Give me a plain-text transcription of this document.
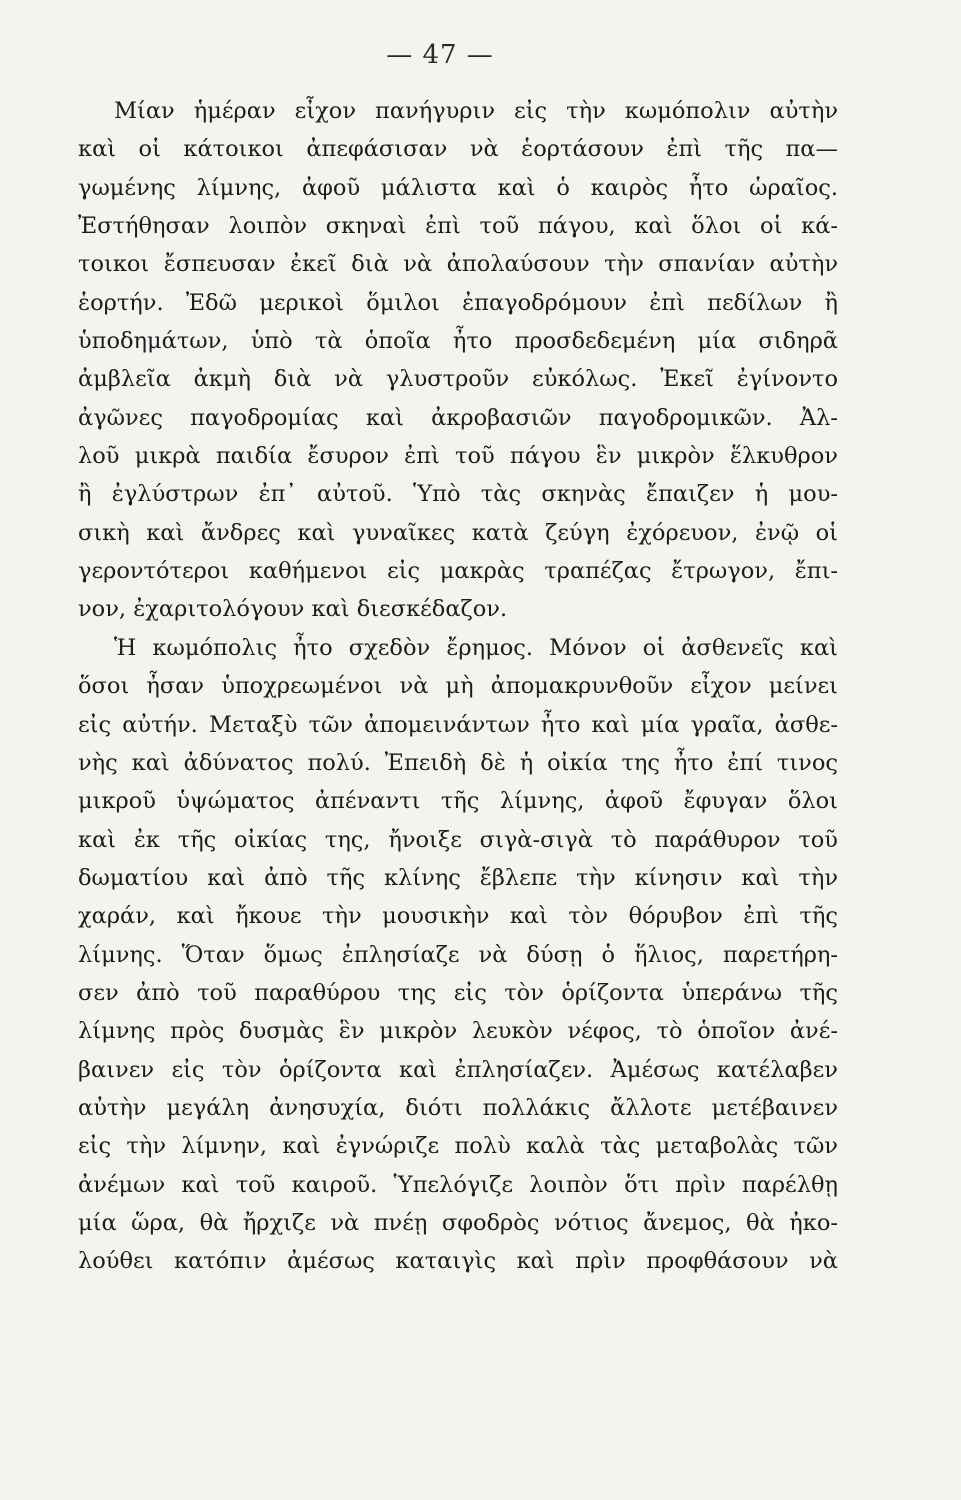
— 47 —
Μίαν ἡμέραν εἶχον πανήγυριν εἰς τὴν κωμόπολιν αὐτὴν
καὶ οἱ κάτοικοι ἀπεφάσισαν νὰ ἑορτάσουν ἐπὶ τῆς πα—
γωμένης λίμνης, ἀφοῦ μάλιστα καὶ ὁ καιρὸς ἦτο ὡραῖος.
Ἐστήθησαν λοιπὸν σκηναὶ ἐπὶ τοῦ πάγου, καὶ ὅλοι οἱ κά-
τοικοι ἔσπευσαν ἐκεῖ διὰ νὰ ἀπολαύσουν τὴν σπανίαν αὐτὴν
ἑορτήν. Ἐδῶ μερικοὶ ὅμιλοι ἐπαγοδρόμουν ἐπὶ πεδίλων ἢ
ὑποδημάτων, ὑπὸ τὰ ὁποῖα ἦτο προσδεδεμένη μία σιδηρᾶ
ἀμβλεῖα ἀκμὴ διὰ νὰ γλυστροῦν εὐκόλως. Ἐκεῖ ἐγίνοντο
ἀγῶνες παγοδρομίας καὶ ἀκροβασιῶν παγοδρομικῶν. Ἀλ-
λοῦ μικρὰ παιδία ἔσυρον ἐπὶ τοῦ πάγου ἓν μικρὸν ἕλκυθρον
ἢ ἐγλύστρων ἐπ᾽ αὐτοῦ. Ὑπὸ τὰς σκηνὰς ἔπαιζεν ἡ μου-
σικὴ καὶ ἄνδρες καὶ γυναῖκες κατὰ ζεύγη ἐχόρευον, ἐνῷ οἱ
γεροντότεροι καθήμενοι εἰς μακρὰς τραπέζας ἔτρωγον, ἔπι-
νον, ἐχαριτολόγουν καὶ διεσκέδαζον.
Ἡ κωμόπολις ἦτο σχεδὸν ἔρημος. Μόνον οἱ ἀσθενεῖς καὶ
ὅσοι ἦσαν ὑποχρεωμένοι νὰ μὴ ἀπομακρυνθοῦν εἶχον μείνει
εἰς αὐτήν. Μεταξὺ τῶν ἀπομεινάντων ἦτο καὶ μία γραῖα, ἀσθε-
νὴς καὶ ἀδύνατος πολύ. Ἐπειδὴ δὲ ἡ οἰκία της ἦτο ἐπί τινος
μικροῦ ὑψώματος ἀπέναντι τῆς λίμνης, ἀφοῦ ἔφυγαν ὅλοι
καὶ ἐκ τῆς οἰκίας της, ἤνοιξε σιγὰ-σιγὰ τὸ παράθυρον τοῦ
δωματίου καὶ ἀπὸ τῆς κλίνης ἔβλεπε τὴν κίνησιν καὶ τὴν
χαράν, καὶ ἤκουε τὴν μουσικὴν καὶ τὸν θόρυβον ἐπὶ τῆς
λίμνης. Ὅταν ὅμως ἐπλησίαζε νὰ δύσῃ ὁ ἥλιος, παρετήρη-
σεν ἀπὸ τοῦ παραθύρου της εἰς τὸν ὁρίζοντα ὑπεράνω τῆς
λίμνης πρὸς δυσμὰς ἓν μικρὸν λευκὸν νέφος, τὸ ὁποῖον ἀνέ-
βαινεν εἰς τὸν ὁρίζοντα καὶ ἐπλησίαζεν. Ἀμέσως κατέλαβεν
αὐτὴν μεγάλη ἀνησυχία, διότι πολλάκις ἄλλοτε μετέβαινεν
εἰς τὴν λίμνην, καὶ ἐγνώριζε πολὺ καλὰ τὰς μεταβολὰς τῶν
ἀνέμων καὶ τοῦ καιροῦ. Ὑπελόγιζε λοιπὸν ὅτι πρὶν παρέλθῃ
μία ὥρα, θὰ ἤρχιζε νὰ πνέῃ σφοδρὸς νότιος ἄνεμος, θὰ ἠκο-
λούθει κατόπιν ἀμέσως καταιγὶς καὶ πρὶν προφθάσουν νὰ
